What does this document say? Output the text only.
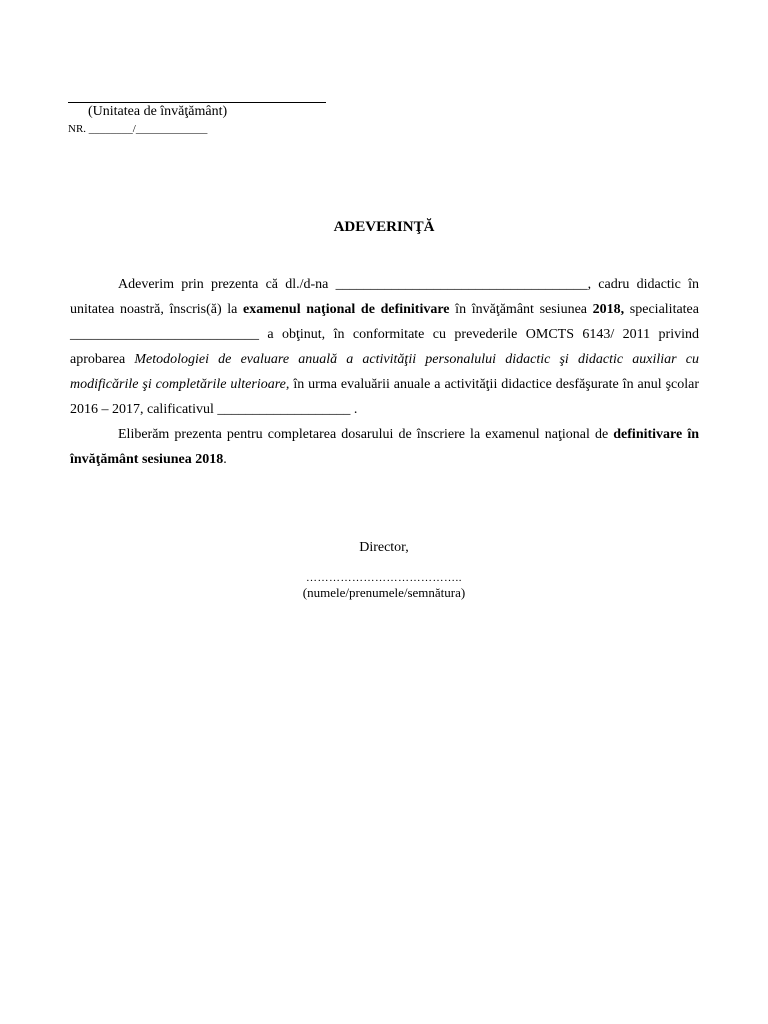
(Unitatea de învăţământ)
NR. ________/_____________
ADEVERINŢĂ

Adeverim prin prezenta că dl./d-na ____________________________________, cadru didactic în unitatea noastră, înscris(ă) la examenul naţional de definitivare în învăţământ sesiunea 2018, specialitatea ___________________________ a obţinut, în conformitate cu prevederile OMCTS 6143/ 2011 privind aprobarea Metodologiei de evaluare anuală a activităţii personalului didactic şi didactic auxiliar cu modificările şi completările ulterioare, în urma evaluării anuale a activităţii didactice desfăşurate în anul şcolar 2016 – 2017, calificativul ___________________ .

Eliberăm prezenta pentru completarea dosarului de înscriere la examenul naţional de definitivare în învăţământ sesiunea 2018.

Director,
…………………………………..
(numele/prenumele/semnătura)
